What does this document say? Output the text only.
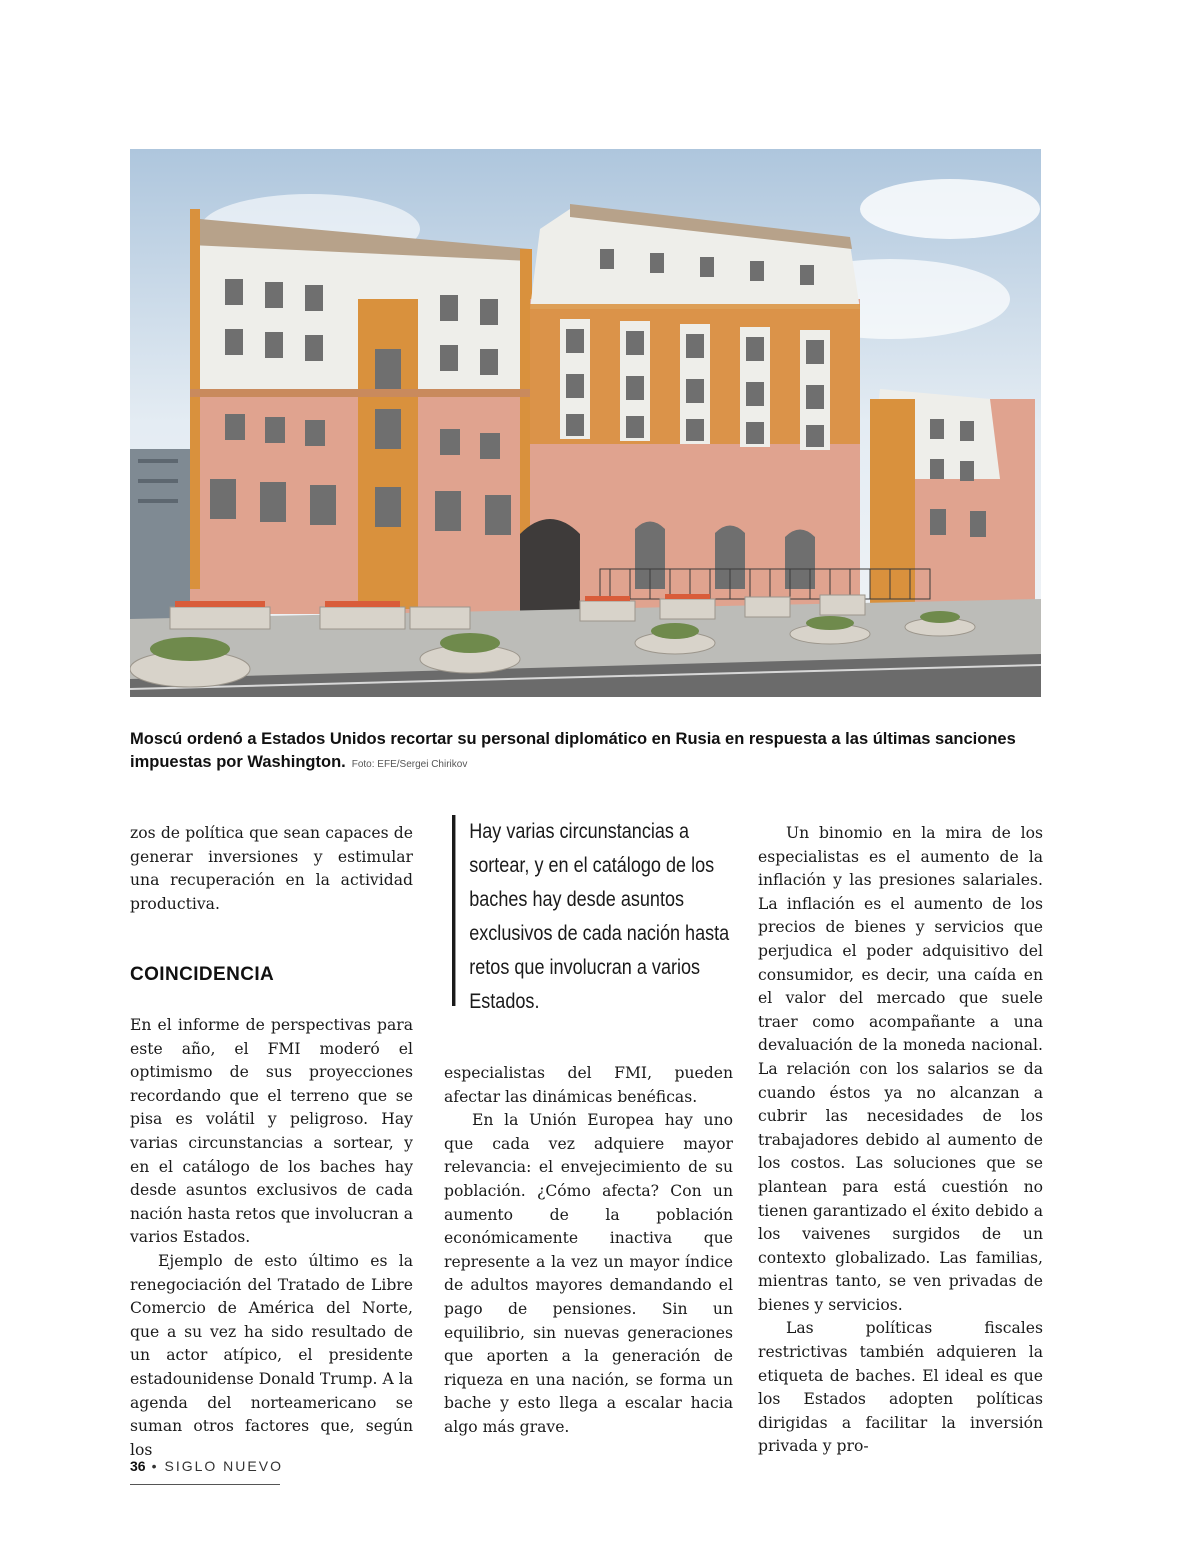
Moscú ordenó a Estados Unidos recortar su personal diplomático en Rusia en respuesta a las últimas sanciones impuestas por Washington. Foto: EFE/Sergei Chirikov

zos de política que sean capaces de generar inversiones y estimular una recuperación en la actividad productiva.

COINCIDENCIA

En el informe de perspectivas para este año, el FMI moderó el optimismo de sus proyecciones recordando que el terreno que se pisa es volátil y peligroso. Hay varias circunstancias a sortear, y en el catálogo de los baches hay desde asuntos exclusivos de cada nación hasta retos que involucran a varios Estados.

Ejemplo de esto último es la renegociación del Tratado de Libre Comercio de América del Norte, que a su vez ha sido resultado de un actor atípico, el presidente estadounidense Donald Trump. A la agenda del norteamericano se suman otros factores que, según los

Hay varias circunstancias a sortear, y en el catálogo de los baches hay desde asuntos exclusivos de cada nación hasta retos que involucran a varios Estados.

especialistas del FMI, pueden afectar las dinámicas benéficas.

En la Unión Europea hay uno que cada vez adquiere mayor relevancia: el envejecimiento de su población. ¿Cómo afecta? Con un aumento de la población económicamente inactiva que represente a la vez un mayor índice de adultos mayores demandando el pago de pensiones. Sin un equilibrio, sin nuevas generaciones que aporten a la generación de riqueza en una nación, se forma un bache y esto llega a escalar hacia algo más grave.

Un binomio en la mira de los especialistas es el aumento de la inflación y las presiones salariales. La inflación es el aumento de los precios de bienes y servicios que perjudica el poder adquisitivo del consumidor, es decir, una caída en el valor del mercado que suele traer como acompañante a una devaluación de la moneda nacional. La relación con los salarios se da cuando éstos ya no alcanzan a cubrir las necesidades de los trabajadores debido al aumento de los costos. Las soluciones que se plantean para está cuestión no tienen garantizado el éxito debido a los vaivenes surgidos de un contexto globalizado. Las familias, mientras tanto, se ven privadas de bienes y servicios.

Las políticas fiscales restrictivas también adquieren la etiqueta de baches. El ideal es que los Estados adopten políticas dirigidas a facilitar la inversión privada y pro-

36 • SIGLO NUEVO
